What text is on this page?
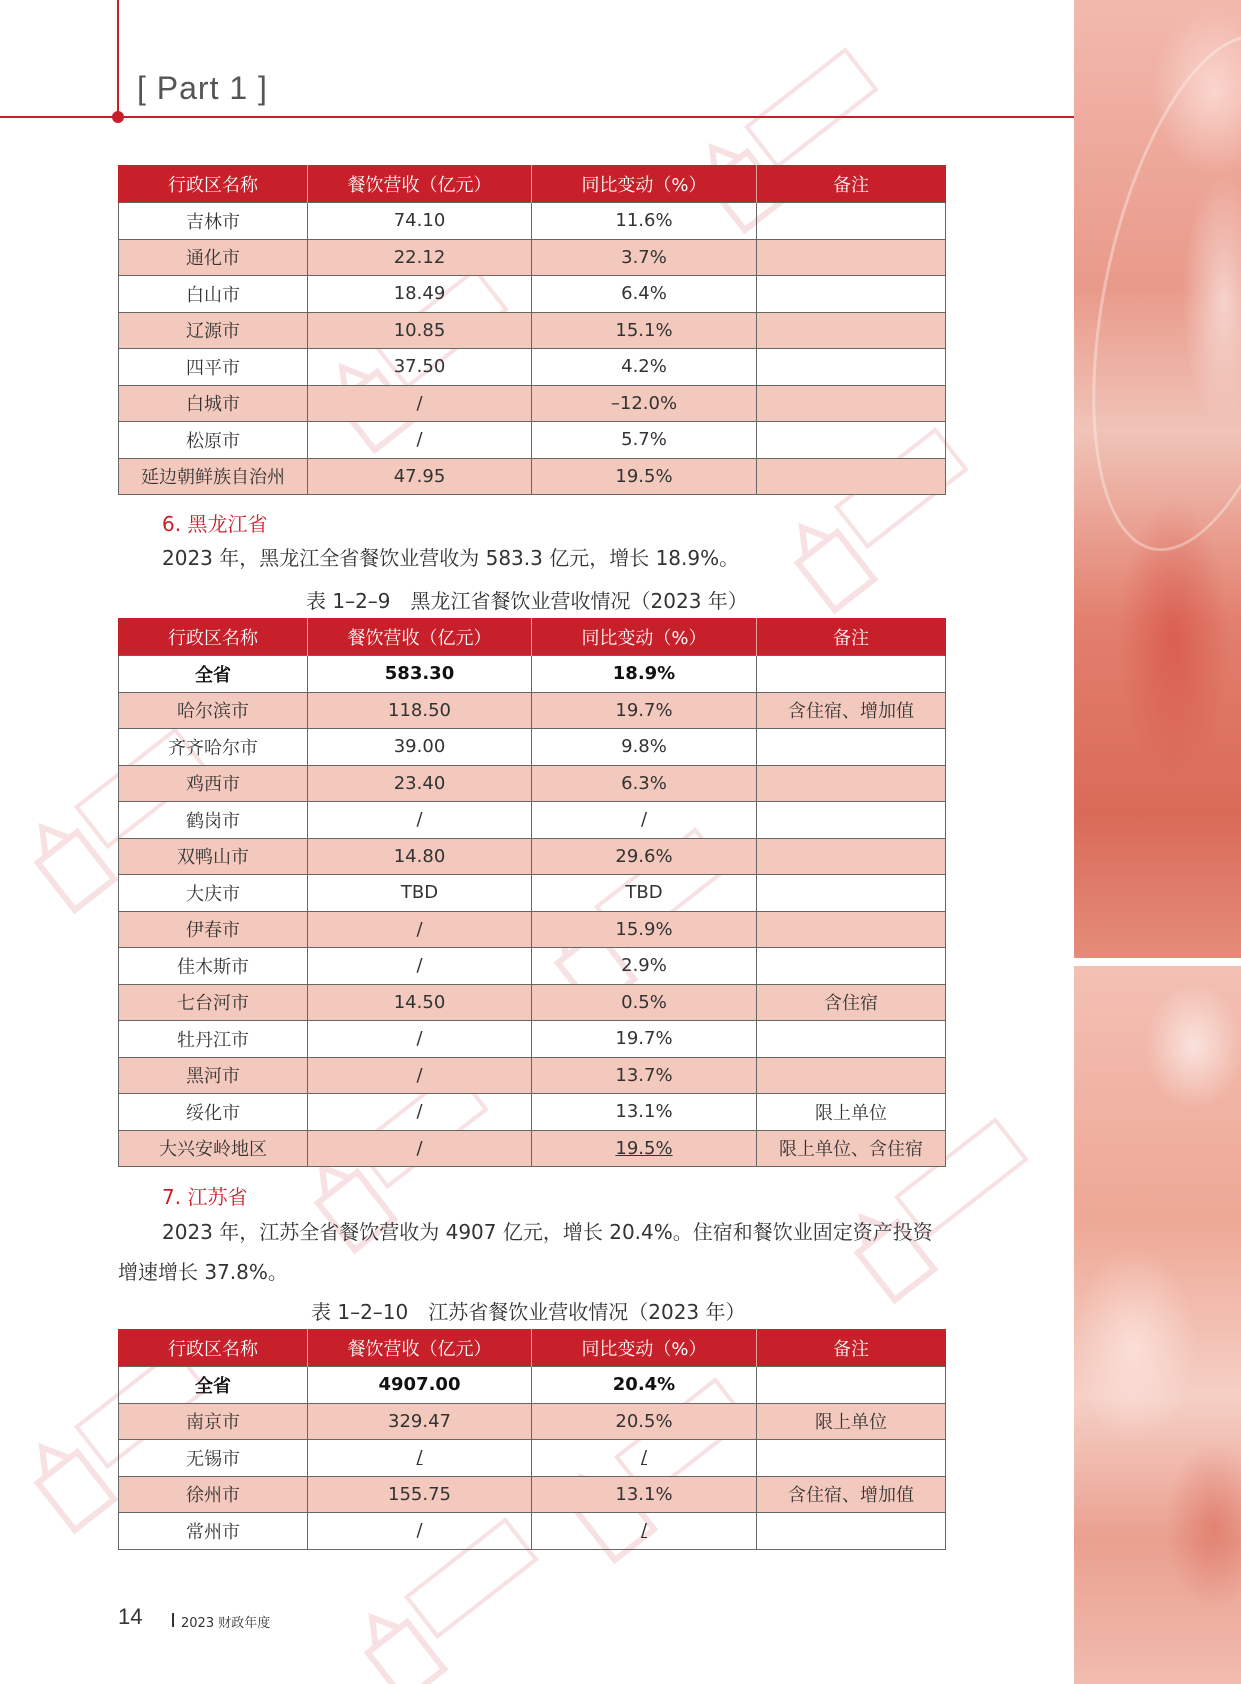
[ Part 1 ]
行政区名称	餐饮营收（亿元）	同比变动（%）	备注
吉林市	74.10	11.6%	
通化市	22.12	3.7%	
白山市	18.49	6.4%	
辽源市	10.85	15.1%	
四平市	37.50	4.2%	
白城市	/	–12.0%	
松原市	/	5.7%	
延边朝鲜族自治州	47.95	19.5%	
6. 黑龙江省
2023 年，黑龙江全省餐饮业营收为 583.3 亿元，增长 18.9%。
表 1–2–9　黑龙江省餐饮业营收情况（2023 年）
行政区名称	餐饮营收（亿元）	同比变动（%）	备注
全省	583.30	18.9%	
哈尔滨市	118.50	19.7%	含住宿、增加值
齐齐哈尔市	39.00	9.8%	
鸡西市	23.40	6.3%	
鹤岗市	/	/	
双鸭山市	14.80	29.6%	
大庆市	TBD	TBD	
伊春市	/	15.9%	
佳木斯市	/	2.9%	
七台河市	14.50	0.5%	含住宿
牡丹江市	/	19.7%	
黑河市	/	13.7%	
绥化市	/	13.1%	限上单位
大兴安岭地区	/	19.5%	限上单位、含住宿
7. 江苏省
2023 年，江苏全省餐饮营收为 4907 亿元，增长 20.4%。住宿和餐饮业固定资产投资增速增长 37.8%。
表 1–2–10　江苏省餐饮业营收情况（2023 年）
行政区名称	餐饮营收（亿元）	同比变动（%）	备注
全省	4907.00	20.4%	
南京市	329.47	20.5%	限上单位
无锡市	/	/	
徐州市	155.75	13.1%	含住宿、增加值
常州市	/	/	
14	2023 财政年度
